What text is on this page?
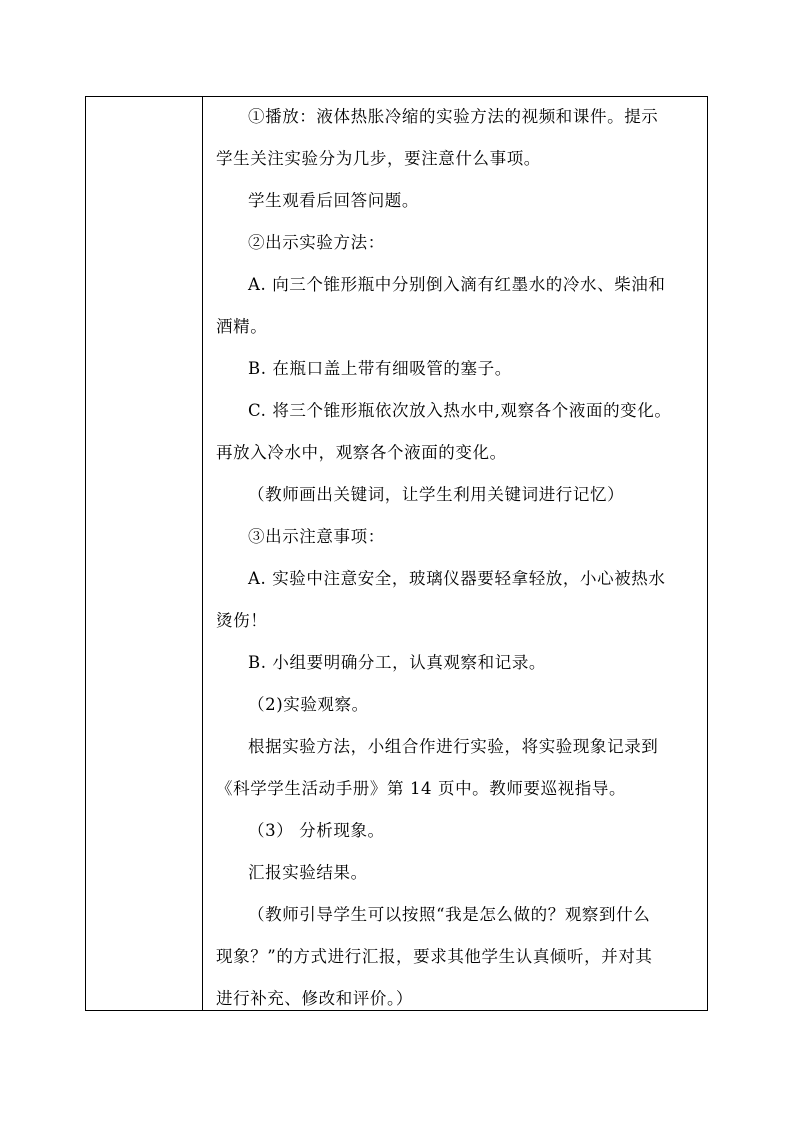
①播放：液体热胀冷缩的实验方法的视频和课件。提示
学生关注实验分为几步，要注意什么事项。
学生观看后回答问题。
②出示实验方法：
A. 向三个锥形瓶中分别倒入滴有红墨水的冷水、柴油和
酒精。
B. 在瓶口盖上带有细吸管的塞子。
C. 将三个锥形瓶依次放入热水中,观察各个液面的变化。
再放入冷水中，观察各个液面的变化。
（教师画出关键词，让学生利用关键词进行记忆）
③出示注意事项：
A. 实验中注意安全，玻璃仪器要轻拿轻放，小心被热水
烫伤！
B. 小组要明确分工，认真观察和记录。
（2)实验观察。
根据实验方法，小组合作进行实验，将实验现象记录到
《科学学生活动手册》第 14 页中。教师要巡视指导。
（3） 分析现象。
汇报实验结果。
（教师引导学生可以按照“我是怎么做的？观察到什么
现象？”的方式进行汇报，要求其他学生认真倾听，并对其
进行补充、修改和评价。）
